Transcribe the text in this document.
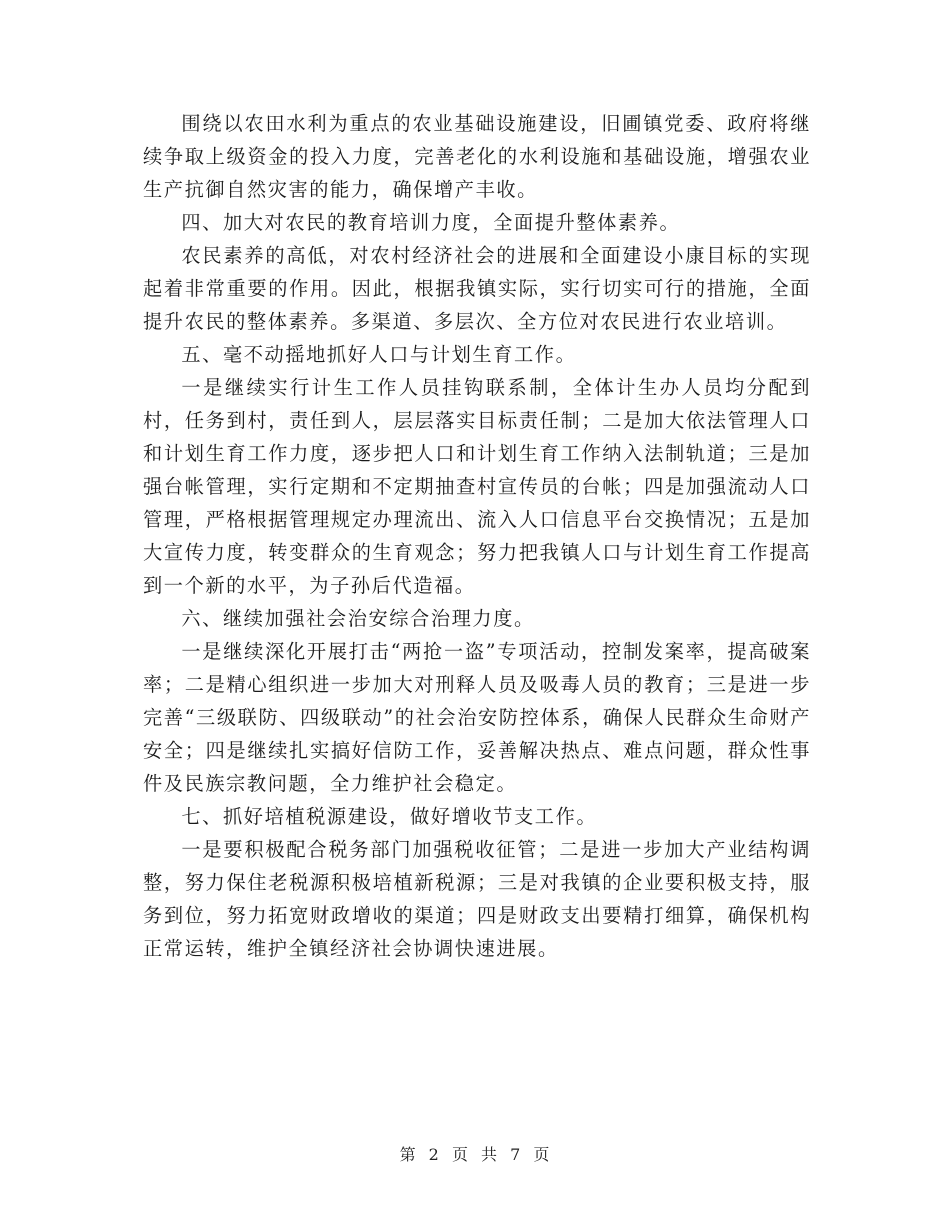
围绕以农田水利为重点的农业基础设施建设，旧圃镇党委、政府将继续争取上级资金的投入力度，完善老化的水利设施和基础设施，增强农业生产抗御自然灾害的能力，确保增产丰收。

四、加大对农民的教育培训力度，全面提升整体素养。

农民素养的高低，对农村经济社会的进展和全面建设小康目标的实现起着非常重要的作用。因此，根据我镇实际，实行切实可行的措施，全面提升农民的整体素养。多渠道、多层次、全方位对农民进行农业培训。

五、毫不动摇地抓好人口与计划生育工作。

一是继续实行计生工作人员挂钩联系制，全体计生办人员均分配到村，任务到村，责任到人，层层落实目标责任制；二是加大依法管理人口和计划生育工作力度，逐步把人口和计划生育工作纳入法制轨道；三是加强台帐管理，实行定期和不定期抽查村宣传员的台帐；四是加强流动人口管理，严格根据管理规定办理流出、流入人口信息平台交换情况；五是加大宣传力度，转变群众的生育观念；努力把我镇人口与计划生育工作提高到一个新的水平，为子孙后代造福。

六、继续加强社会治安综合治理力度。

一是继续深化开展打击“两抢一盗”专项活动，控制发案率，提高破案率；二是精心组织进一步加大对刑释人员及吸毒人员的教育；三是进一步完善“三级联防、四级联动”的社会治安防控体系，确保人民群众生命财产安全；四是继续扎实搞好信防工作，妥善解决热点、难点问题，群众性事件及民族宗教问题，全力维护社会稳定。

七、抓好培植税源建设，做好增收节支工作。

一是要积极配合税务部门加强税收征管；二是进一步加大产业结构调整，努力保住老税源积极培植新税源；三是对我镇的企业要积极支持，服务到位，努力拓宽财政增收的渠道；四是财政支出要精打细算，确保机构正常运转，维护全镇经济社会协调快速进展。

第 2 页 共 7 页
